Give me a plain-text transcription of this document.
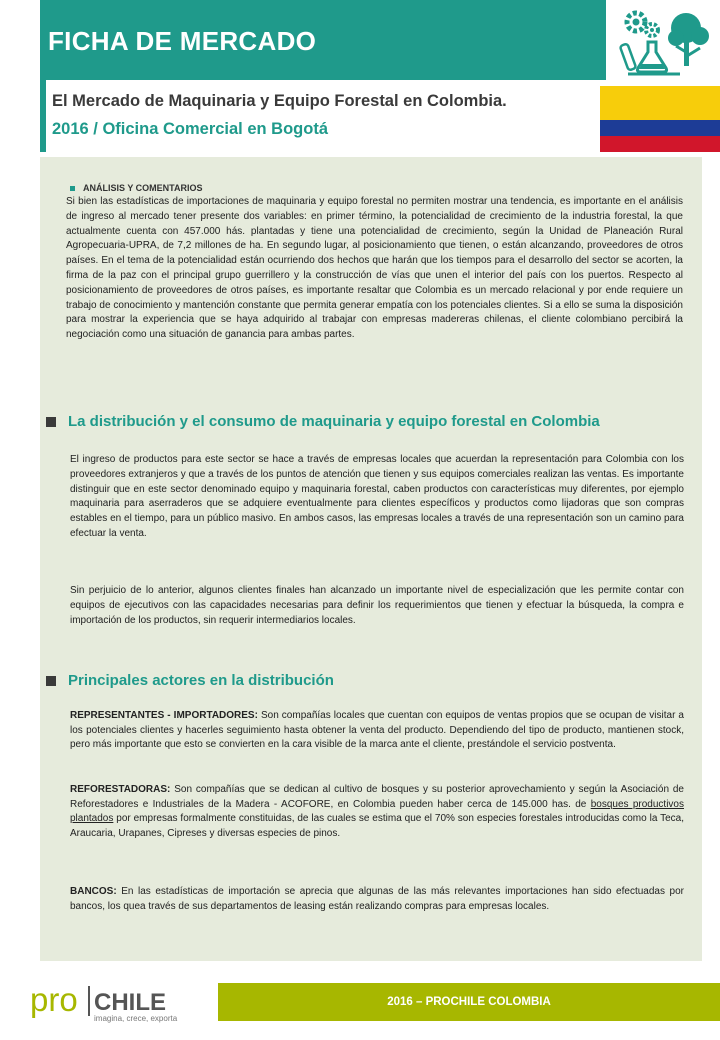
FICHA DE MERCADO
El Mercado de Maquinaria y Equipo Forestal en Colombia.
2016 / Oficina Comercial en Bogotá
ANÁLISIS Y COMENTARIOS

Si bien las estadísticas de importaciones de maquinaria y equipo forestal no permiten mostrar una tendencia, es importante en el análisis de ingreso al mercado tener presente dos variables: en primer término, la potencialidad de crecimiento de la industria forestal, la que actualmente cuenta con 457.000 hás. plantadas y tiene una potencialidad de crecimiento, según la Unidad de Planeación Rural Agropecuaria-UPRA, de 7,2 millones de ha. En segundo lugar, al posicionamiento que tienen, o están alcanzando, proveedores de otros países. En el tema de la potencialidad están ocurriendo dos hechos que harán que los tiempos para el desarrollo del sector se acorten, la firma de la paz con el principal grupo guerrillero y la construcción de vías que unen el interior del país con los puertos. Respecto al posicionamiento de proveedores de otros países, es importante resaltar que Colombia es un mercado relacional y por ende requiere un trabajo de conocimiento y mantención constante que permita generar empatía con los potenciales clientes. Si a ello se suma la disposición para mostrar la experiencia que se haya adquirido al trabajar con empresas madereras chilenas, el cliente colombiano percibirá la negociación como una situación de ganancia para ambas partes.

La distribución y el consumo de maquinaria y equipo forestal en Colombia

El ingreso de productos para este sector se hace a través de empresas locales que acuerdan la representación para Colombia con los proveedores extranjeros y que a través de los puntos de atención que tienen y sus equipos comerciales realizan las ventas. Es importante distinguir que en este sector denominado equipo y maquinaria forestal, caben productos con características muy diferentes, por ejemplo maquinaria para aserraderos que se adquiere eventualmente para clientes específicos y productos como lijadoras que son compras estables en el tiempo, para un público masivo. En ambos casos, las empresas locales a través de una representación son un camino para efectuar la venta.

Sin perjuicio de lo anterior, algunos clientes finales han alcanzado un importante nivel de especialización que les permite contar con equipos de ejecutivos con las capacidades necesarias para definir los requerimientos que tienen y efectuar la búsqueda, la compra e importación de los productos, sin requerir intermediarios locales.

Principales actores en la distribución

REPRESENTANTES - IMPORTADORES: Son compañías locales que cuentan con equipos de ventas propios que se ocupan de visitar a los potenciales clientes y hacerles seguimiento hasta obtener la venta del producto. Dependiendo del tipo de producto, mantienen stock, pero más importante que esto se convierten en la cara visible de la marca ante el cliente, prestándole el servicio postventa.

REFORESTADORAS: Son compañías que se dedican al cultivo de bosques y su posterior aprovechamiento y según la Asociación de Reforestadores e Industriales de la Madera - ACOFORE, en Colombia pueden haber cerca de 145.000 has. de bosques productivos plantados por empresas formalmente constituidas, de las cuales se estima que el 70% son especies forestales introducidas como la Teca, Araucaria, Urapanes, Cipreses y diversas especies de pinos.

BANCOS: En las estadísticas de importación se aprecia que algunas de las más relevantes importaciones han sido efectuadas por bancos, los quea través de sus departamentos de leasing están realizando compras para empresas locales.

pro CHILE
imagina, crece, exporta
2016 – PROCHILE COLOMBIA
